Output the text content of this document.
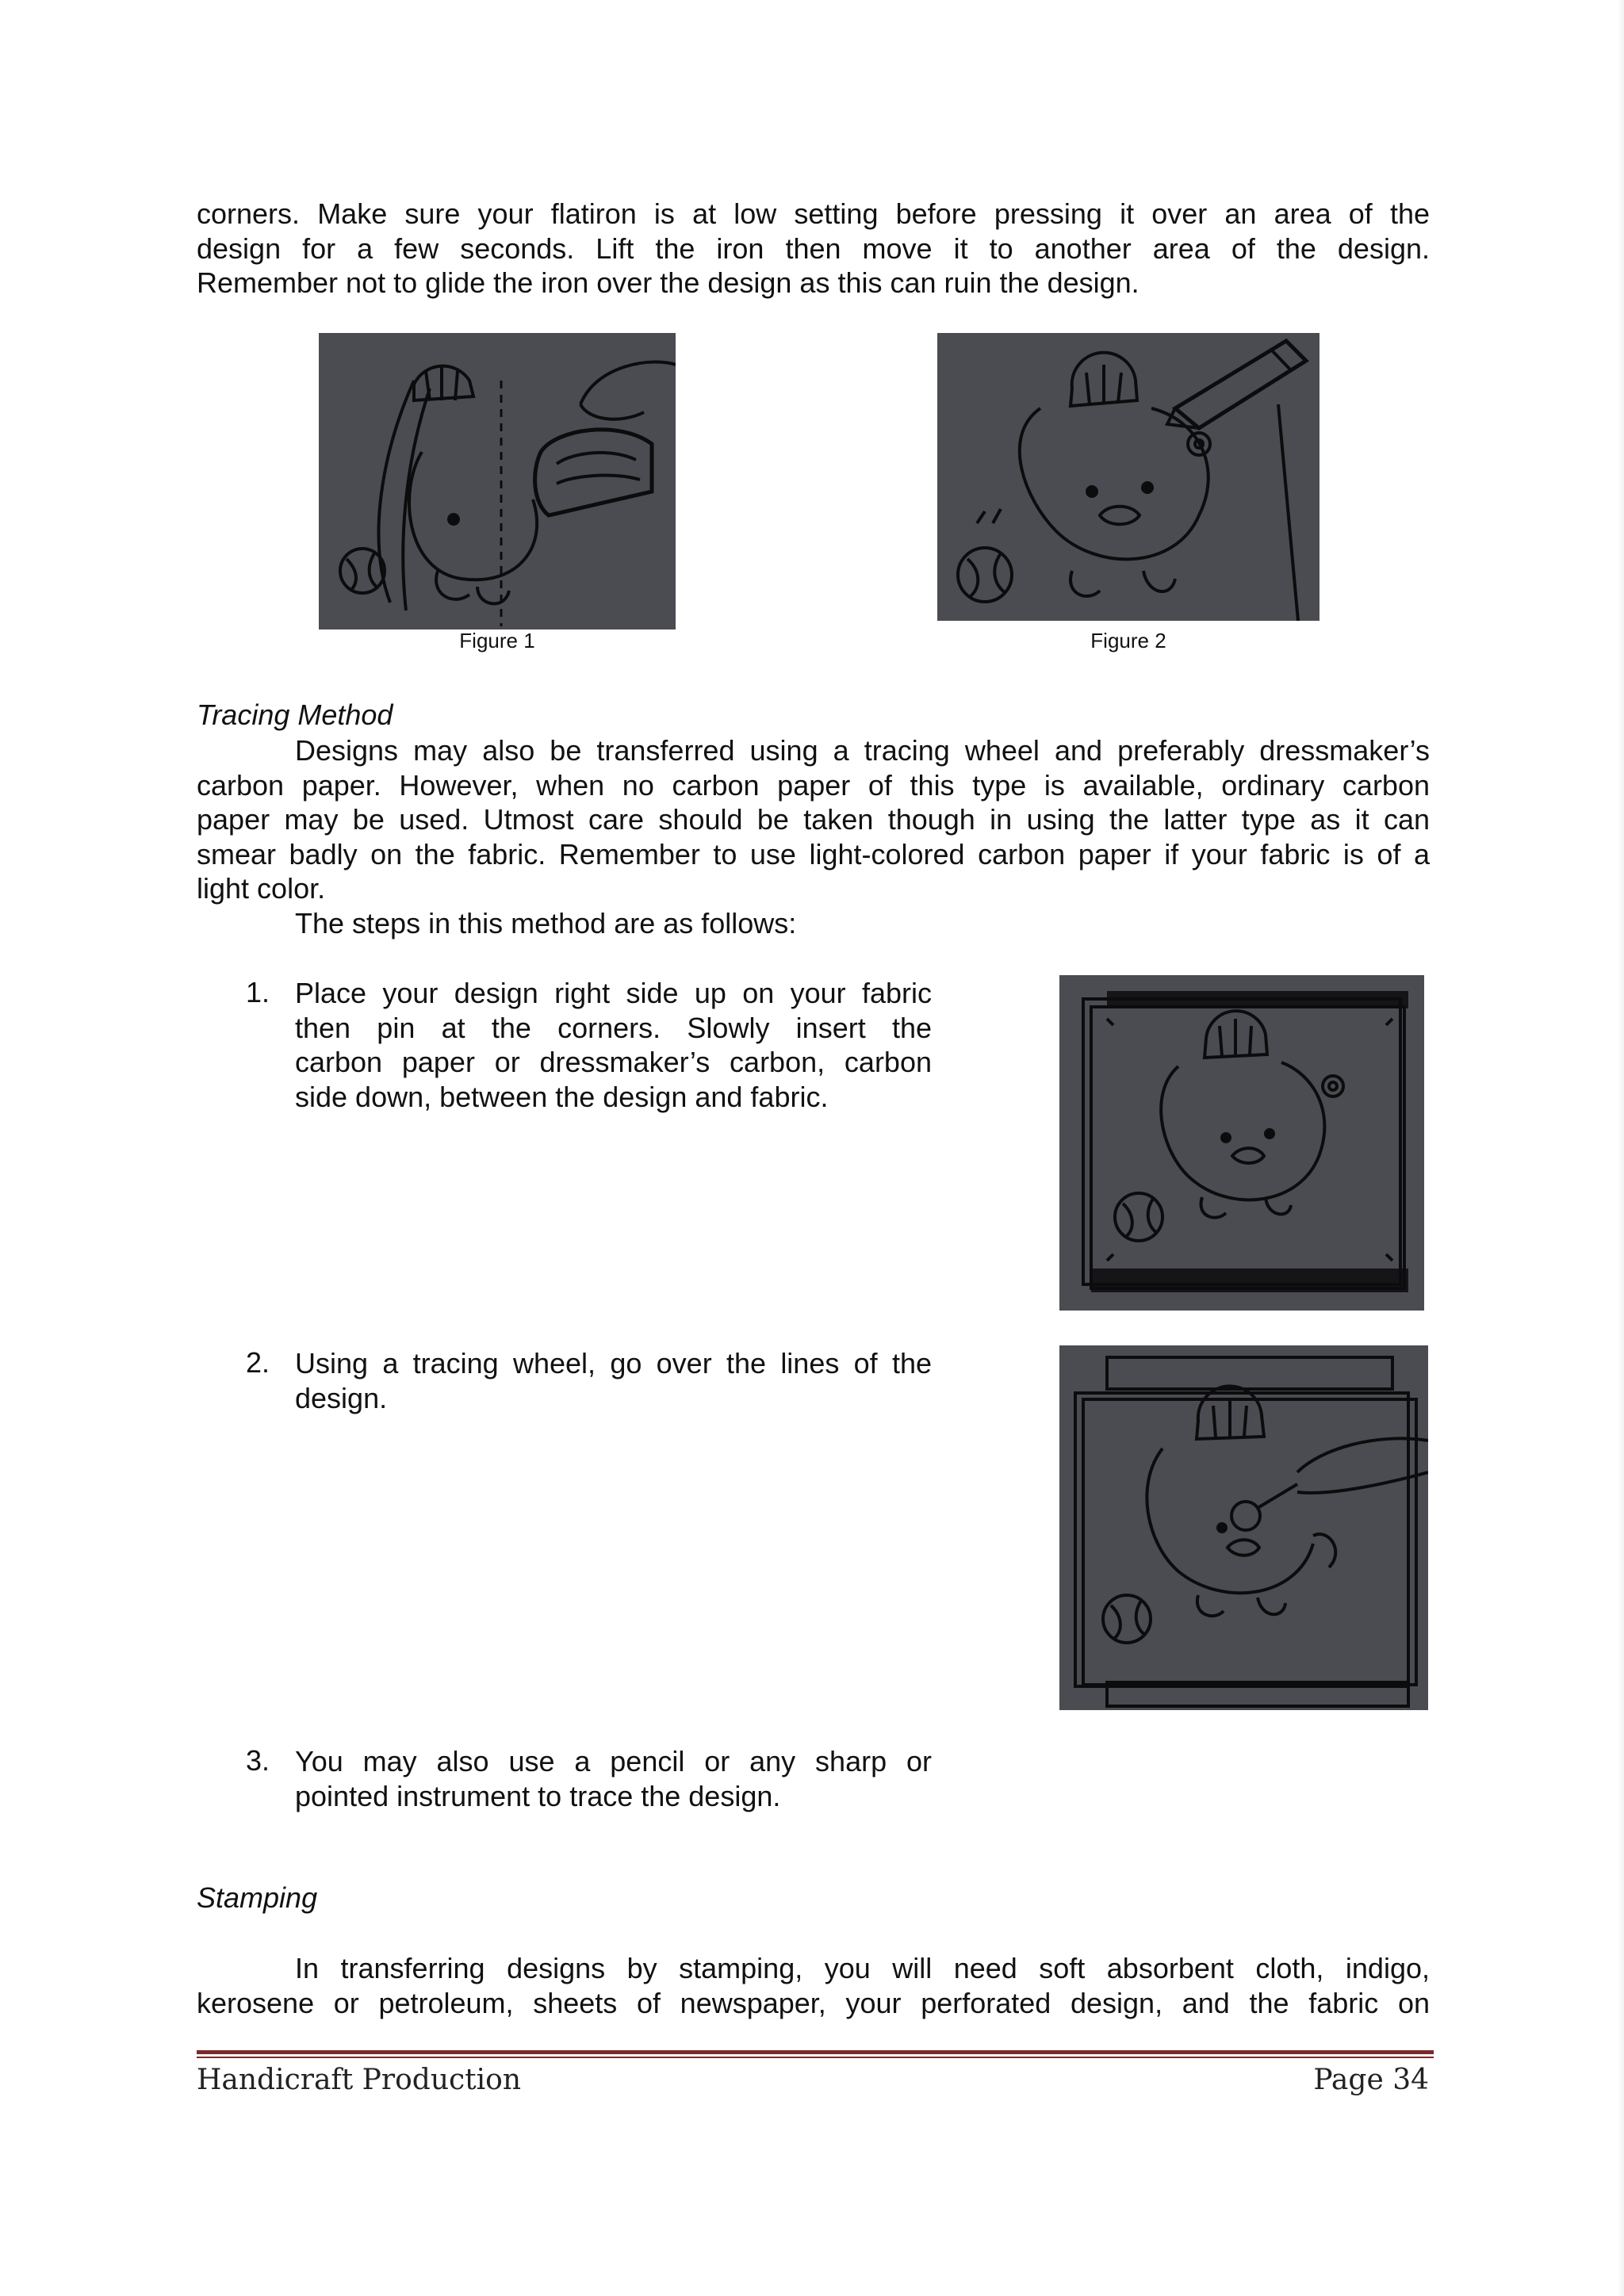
corners. Make sure your flatiron is at low setting before pressing it over an area of the
design for a few seconds. Lift the iron then move it to another area of the design.
Remember not to glide the iron over the design as this can ruin the design.
Figure 1	Figure 2
Tracing Method
Designs may also be transferred using a tracing wheel and preferably dressmaker’s
carbon paper. However, when no carbon paper of this type is available, ordinary carbon
paper may be used. Utmost care should be taken though in using the latter type as it can
smear badly on the fabric. Remember to use light-colored carbon paper if your fabric is of a
light color.
The steps in this method are as follows:
1. Place your design right side up on your fabric
then pin at the corners. Slowly insert the
carbon paper or dressmaker’s carbon, carbon
side down, between the design and fabric.
2. Using a tracing wheel, go over the lines of the
design.
3. You may also use a pencil or any sharp or
pointed instrument to trace the design.
Stamping
In transferring designs by stamping, you will need soft absorbent cloth, indigo,
kerosene or petroleum, sheets of newspaper, your perforated design, and the fabric on
Handicraft Production	Page 34
